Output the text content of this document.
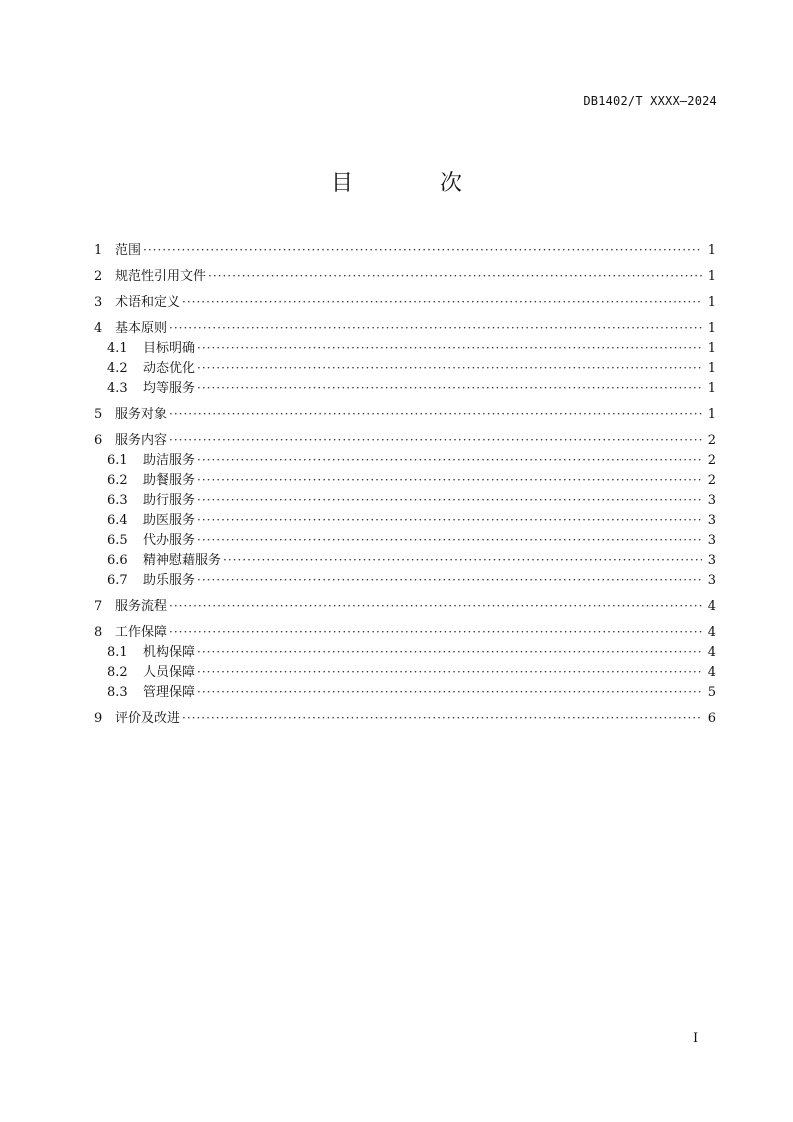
DB1402/T XXXX—2024
目 次
1 范围 ·····	1
2 规范性引用文件 ·····	1
3 术语和定义 ·····	1
4 基本原则 ·····	1
4.1	目标明确 ·····	1
4.2	动态优化 ·····	1
4.3	均等服务 ·····	1
5 服务对象 ·····	1
6 服务内容 ·····	2
6.1	助洁服务 ·····	2
6.2	助餐服务 ·····	2
6.3	助行服务 ·····	3
6.4	助医服务 ·····	3
6.5	代办服务 ·····	3
6.6	精神慰藉服务 ·····	3
6.7	助乐服务 ·····	3
7 服务流程 ·····	4
8 工作保障 ·····	4
8.1	机构保障 ·····	4
8.2	人员保障 ·····	4
8.3	管理保障 ·····	5
9 评价及改进 ·····	6
I
